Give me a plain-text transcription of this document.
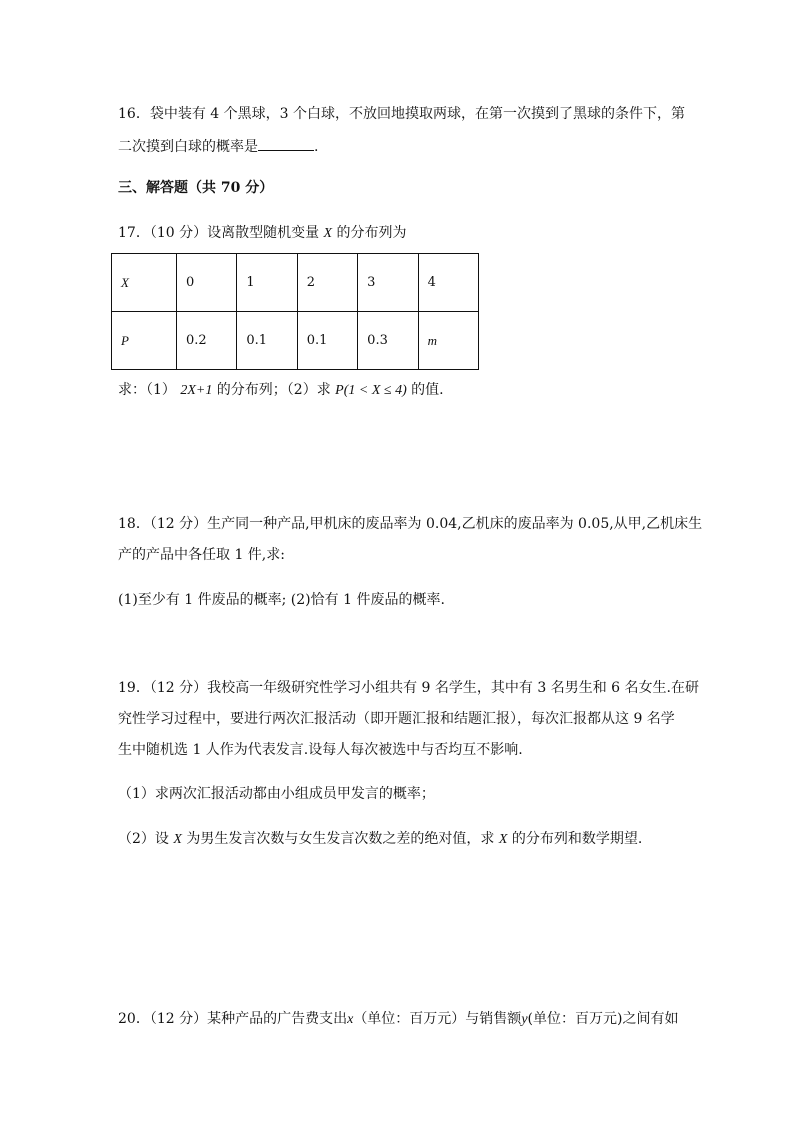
16．袋中装有 4 个黑球，3 个白球，不放回地摸取两球，在第一次摸到了黑球的条件下，第
二次摸到白球的概率是	.
三、解答题（共 70 分）
17．（10 分）设离散型随机变量 X 的分布列为
X	0	1	2	3	4
P	0.2	0.1	0.1	0.3	m
求：（1） 2X+1 的分布列；（2）求 P(1 < X ≤ 4) 的值.
18．（12 分）生产同一种产品,甲机床的废品率为 0.04,乙机床的废品率为 0.05,从甲,乙机床生
产的产品中各任取 1 件,求:
(1)至少有 1 件废品的概率; (2)恰有 1 件废品的概率.
19．（12 分）我校高一年级研究性学习小组共有 9 名学生，其中有 3 名男生和 6 名女生.在研
究性学习过程中，要进行两次汇报活动（即开题汇报和结题汇报），每次汇报都从这 9 名学
生中随机选 1 人作为代表发言.设每人每次被选中与否均互不影响.
（1）求两次汇报活动都由小组成员甲发言的概率；
（2）设 X 为男生发言次数与女生发言次数之差的绝对值，求 X 的分布列和数学期望.
20．（12 分）某种产品的广告费支出x（单位：百万元）与销售额y(单位：百万元)之间有如
